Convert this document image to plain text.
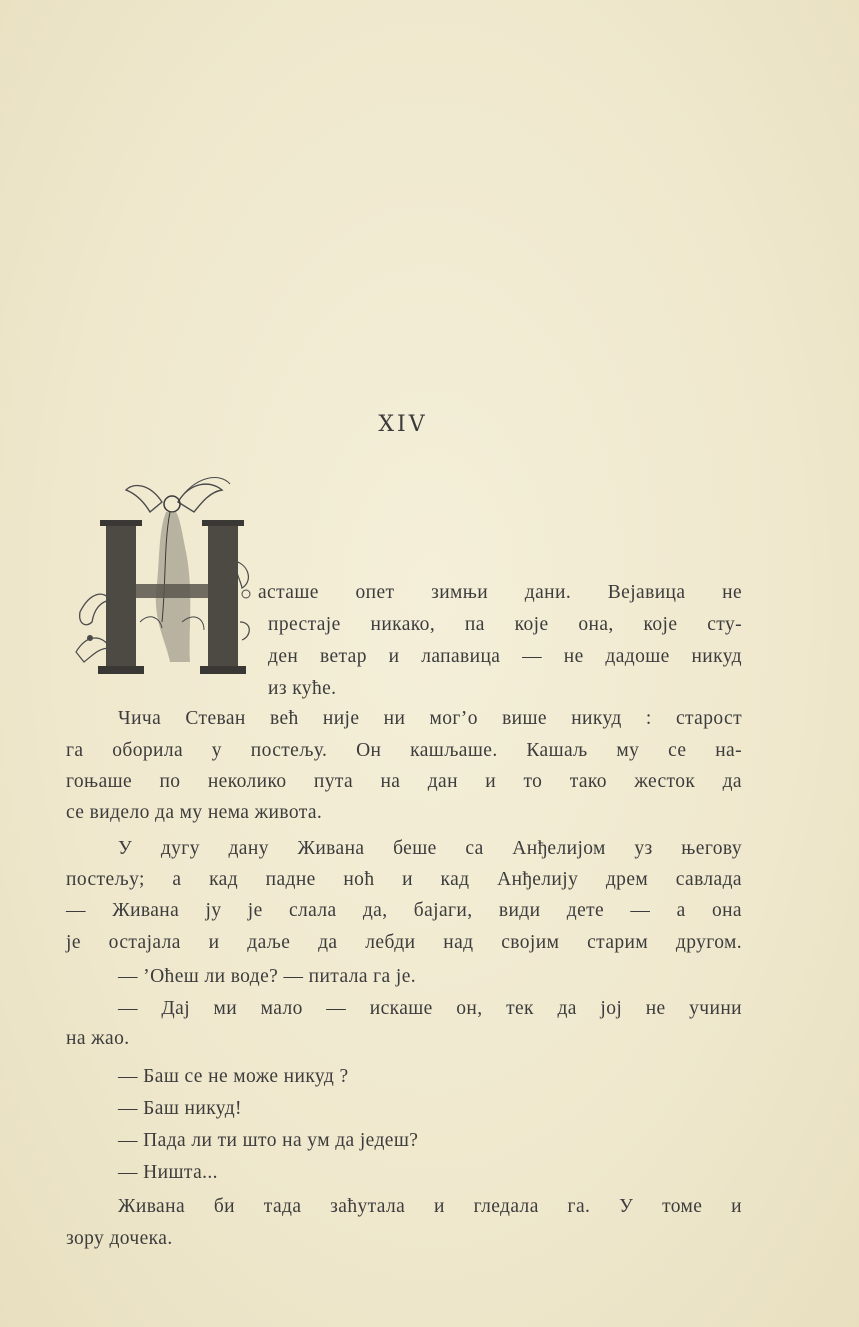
XIV
асташе опет зимњи дани. Вејавица не
престаје никако, па које она, које сту-
ден ветар и лапавица — не дадоше никуд
из куће.
Чича Стеван већ није ни мог’о више никуд : старост
га оборила у постељу. Он кашљаше. Кашаљ му се на-
гоњаше по неколико пута на дан и то тако жесток да
се видело да му нема живота.
У дугу дану Живана беше са Анђелијом уз његову
постељу; а кад падне ноћ и кад Анђелију дрем савлада
— Живана ју је слала да, бајаги, види дете — а она
је остајала и даље да лебди над својим старим другом.
— ’Оћеш ли воде? — питала га је.
— Дај ми мало — искаше он, тек да јој не учини
на жао.
— Баш се не може никуд ?
— Баш никуд!
— Пада ли ти што на ум да једеш?
— Ништа...
Живана би тада заћутала и гледала га. У томе и
зору дочека.
